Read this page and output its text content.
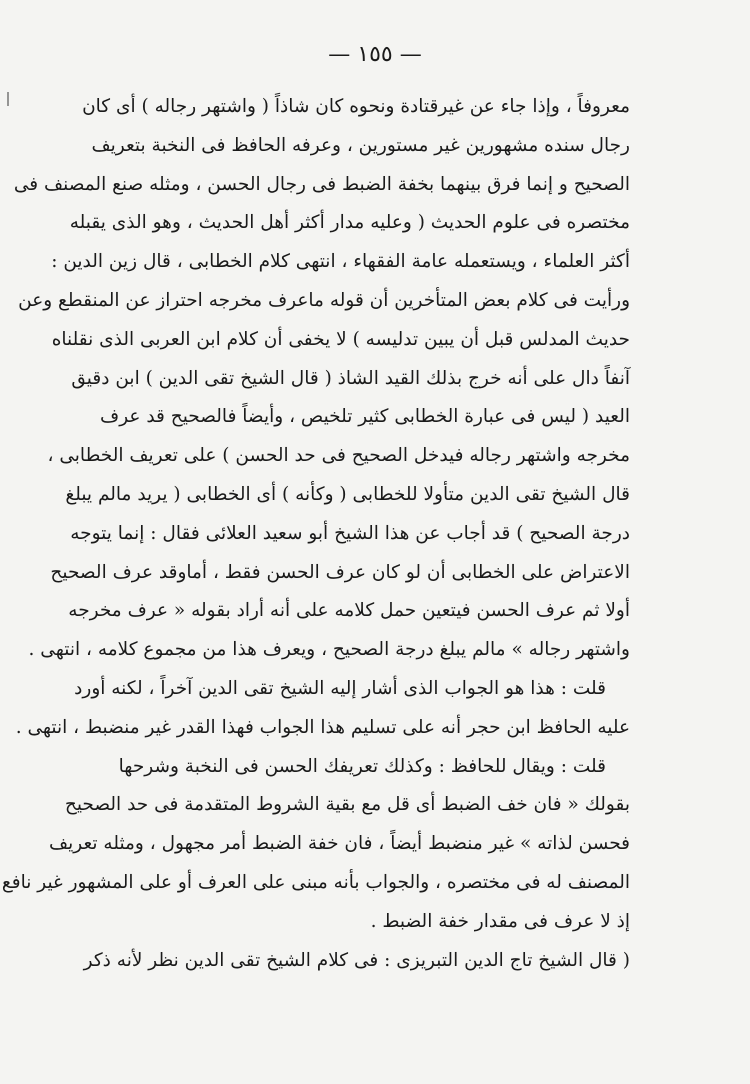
— ١٥٥ —
معروفاً ، وإذا جاء عن غيرقتادة ونحوه كان شاذاً ( واشتهر رجاله ) أى كان
رجال سنده مشهورين غير مستورين ، وعرفه الحافظ فى النخبة بتعريف
الصحيح و إنما فرق بينهما بخفة الضبط فى رجال الحسن ، ومثله صنع المصنف فى
مختصره فى علوم الحديث ( وعليه مدار أكثر أهل الحديث ، وهو الذى يقبله
أكثر العلماء ، ويستعمله عامة الفقهاء ، انتهى كلام الخطابى ، قال زين الدين :
ورأيت فى كلام بعض المتأخرين أن قوله ماعرف مخرجه احتراز عن المنقطع وعن
حديث المدلس قبل أن يبين تدليسه ) لا يخفى أن كلام ابن العربى الذى نقلناه
آنفاً دال على أنه خرج بذلك القيد الشاذ ( قال الشيخ تقى الدين ) ابن دقيق
العيد ( ليس فى عبارة الخطابى كثير تلخيص ، وأيضاً فالصحيح قد عرف
مخرجه واشتهر رجاله فيدخل الصحيح فى حد الحسن ) على تعريف الخطابى ،
قال الشيخ تقى الدين متأولا للخطابى ( وكأنه ) أى الخطابى ( يريد مالم يبلغ
درجة الصحيح ) قد أجاب عن هذا الشيخ أبو سعيد العلائى فقال : إنما يتوجه
الاعتراض على الخطابى أن لو كان عرف الحسن فقط ، أماوقد عرف الصحيح
أولا ثم عرف الحسن فيتعين حمل كلامه على أنه أراد بقوله « عرف مخرجه
واشتهر رجاله » مالم يبلغ درجة الصحيح ، ويعرف هذا من مجموع كلامه ، انتهى .
قلت : هذا هو الجواب الذى أشار إليه الشيخ تقى الدين آخراً ، لكنه أورد
عليه الحافظ ابن حجر أنه على تسليم هذا الجواب فهذا القدر غير منضبط ، انتهى .
قلت : ويقال للحافظ : وكذلك تعريفك الحسن فى النخبة وشرحها
بقولك « فان خف الضبط أى قل مع بقية الشروط المتقدمة فى حد الصحيح
فحسن لذاته » غير منضبط أيضاً ، فان خفة الضبط أمر مجهول ، ومثله تعريف
المصنف له فى مختصره ، والجواب بأنه مبنى على العرف أو على المشهور غير نافع
إذ لا عرف فى مقدار خفة الضبط .
( قال الشيخ تاج الدين التبريزى : فى كلام الشيخ تقى الدين نظر لأنه ذكر
